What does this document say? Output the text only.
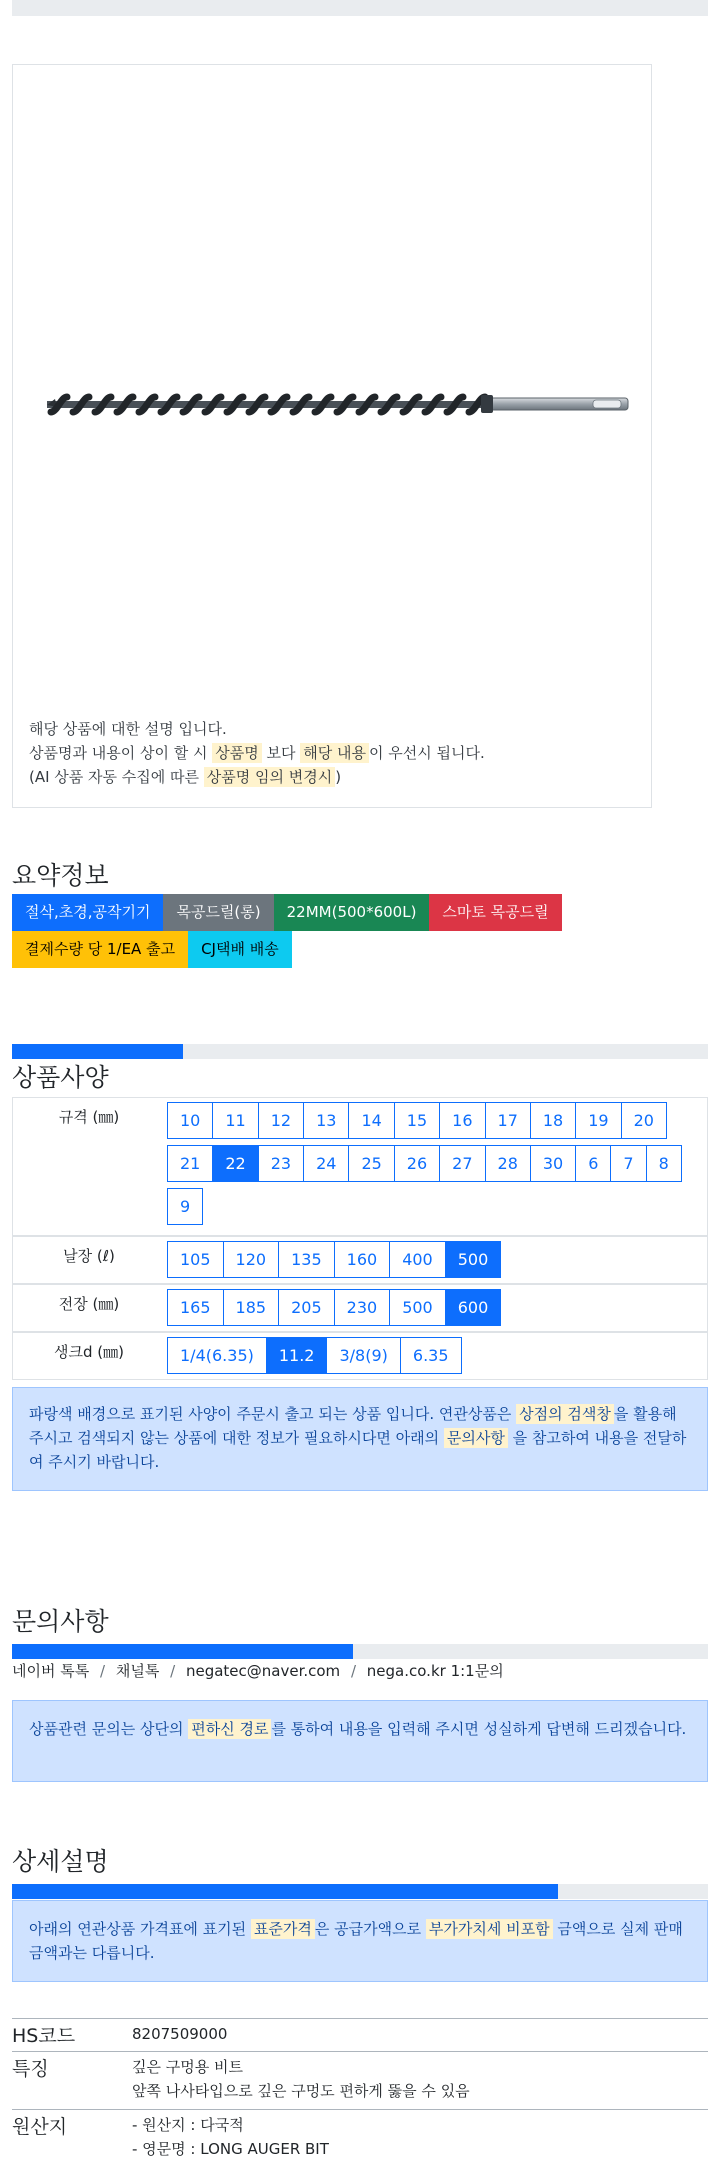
해당 상품에 대한 설명 입니다.
상품명과 내용이 상이 할 시 상품명 보다 해당 내용 이 우선시 됩니다.
(AI 상품 자동 수집에 따른 상품명 임의 변경시 )
요약정보
절삭,초경,공작기기	목공드릴(롱)	22MM(500*600L)	스마토 목공드릴
결제수량 당 1/EA 출고	CJ택배 배송
상품사양
규격 (㎜)	10	11	12	13	14	15	16	17	18	19	20
21	22	23	24	25	26	27	28	30	6	7	8
9
날장 (ℓ)	105	120	135	160	400	500
전장 (㎜)	165	185	205	230	500	600
생크d (㎜)	1/4(6.35)	11.2	3/8(9)	6.35
파랑색 배경으로 표기된 사양이 주문시 출고 되는 상품 입니다. 연관상품은 상점의 검색창 을 활용해 주시고 검색되지 않는 상품에 대한 정보가 필요하시다면 아래의 문의사항 을 참고하여 내용을 전달하여 주시기 바랍니다.
문의사항
네이버 톡톡 / 채널톡 / negatec@naver.com / nega.co.kr 1:1문의
상품관련 문의는 상단의 편하신 경로 를 통하여 내용을 입력해 주시면 성실하게 답변해 드리겠습니다.
상세설명
아래의 연관상품 가격표에 표기된 표준가격 은 공급가액으로 부가가치세 비포함 금액으로 실제 판매금액과는 다릅니다.
HS코드	8207509000
특징	깊은 구멍용 비트
앞쪽 나사타입으로 깊은 구멍도 편하게 뚫을 수 있음
원산지	- 원산지 : 다국적
- 영문명 : LONG AUGER BIT
